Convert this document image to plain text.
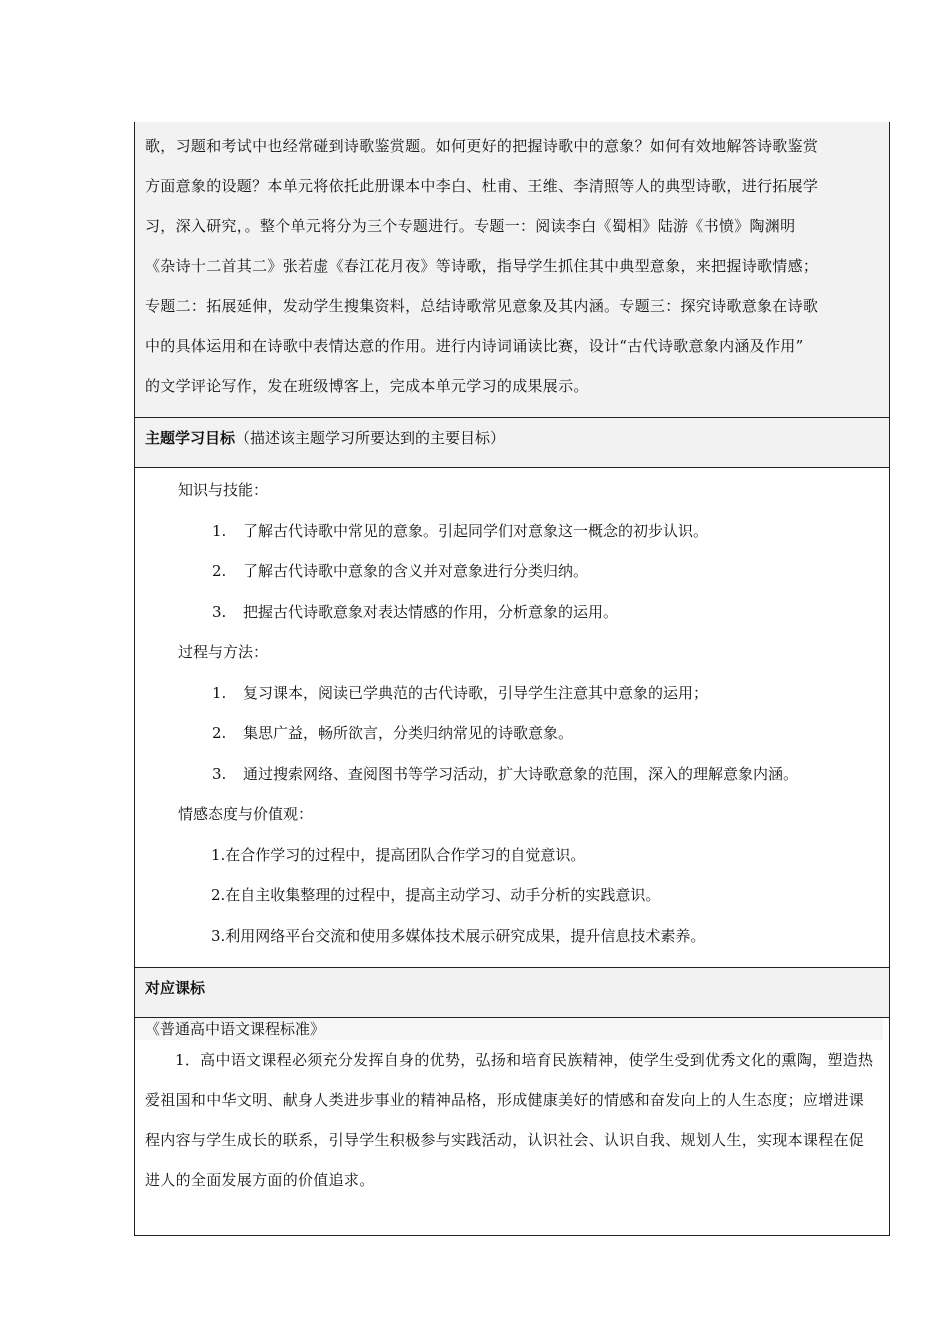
歌，习题和考试中也经常碰到诗歌鉴赏题。如何更好的把握诗歌中的意象？如何有效地解答诗歌鉴赏
方面意象的设题？本单元将依托此册课本中李白、杜甫、王维、李清照等人的典型诗歌，进行拓展学
习，深入研究，。整个单元将分为三个专题进行。专题一：阅读李白《蜀相》陆游《书愤》陶渊明
《杂诗十二首其二》张若虚《春江花月夜》等诗歌，指导学生抓住其中典型意象，来把握诗歌情感；
专题二：拓展延伸，发动学生搜集资料，总结诗歌常见意象及其内涵。专题三：探究诗歌意象在诗歌
中的具体运用和在诗歌中表情达意的作用。进行内诗词诵读比赛，设计“古代诗歌意象内涵及作用”
的文学评论写作，发在班级博客上，完成本单元学习的成果展示。
主题学习目标（描述该主题学习所要达到的主要目标）
知识与技能：
1. 了解古代诗歌中常见的意象。引起同学们对意象这一概念的初步认识。
2. 了解古代诗歌中意象的含义并对意象进行分类归纳。
3. 把握古代诗歌意象对表达情感的作用，分析意象的运用。
过程与方法：
1. 复习课本，阅读已学典范的古代诗歌，引导学生注意其中意象的运用；
2. 集思广益，畅所欲言，分类归纳常见的诗歌意象。
3. 通过搜索网络、查阅图书等学习活动，扩大诗歌意象的范围，深入的理解意象内涵。
情感态度与价值观：
1.在合作学习的过程中，提高团队合作学习的自觉意识。
2.在自主收集整理的过程中，提高主动学习、动手分析的实践意识。
3.利用网络平台交流和使用多媒体技术展示研究成果，提升信息技术素养。
对应课标
《普通高中语文课程标准》
1．高中语文课程必须充分发挥自身的优势，弘扬和培育民族精神，使学生受到优秀文化的熏陶，塑造热爱祖国和中华文明、献身人类进步事业的精神品格，形成健康美好的情感和奋发向上的人生态度；应增进课程内容与学生成长的联系，引导学生积极参与实践活动，认识社会、认识自我、规划人生，实现本课程在促进人的全面发展方面的价值追求。
